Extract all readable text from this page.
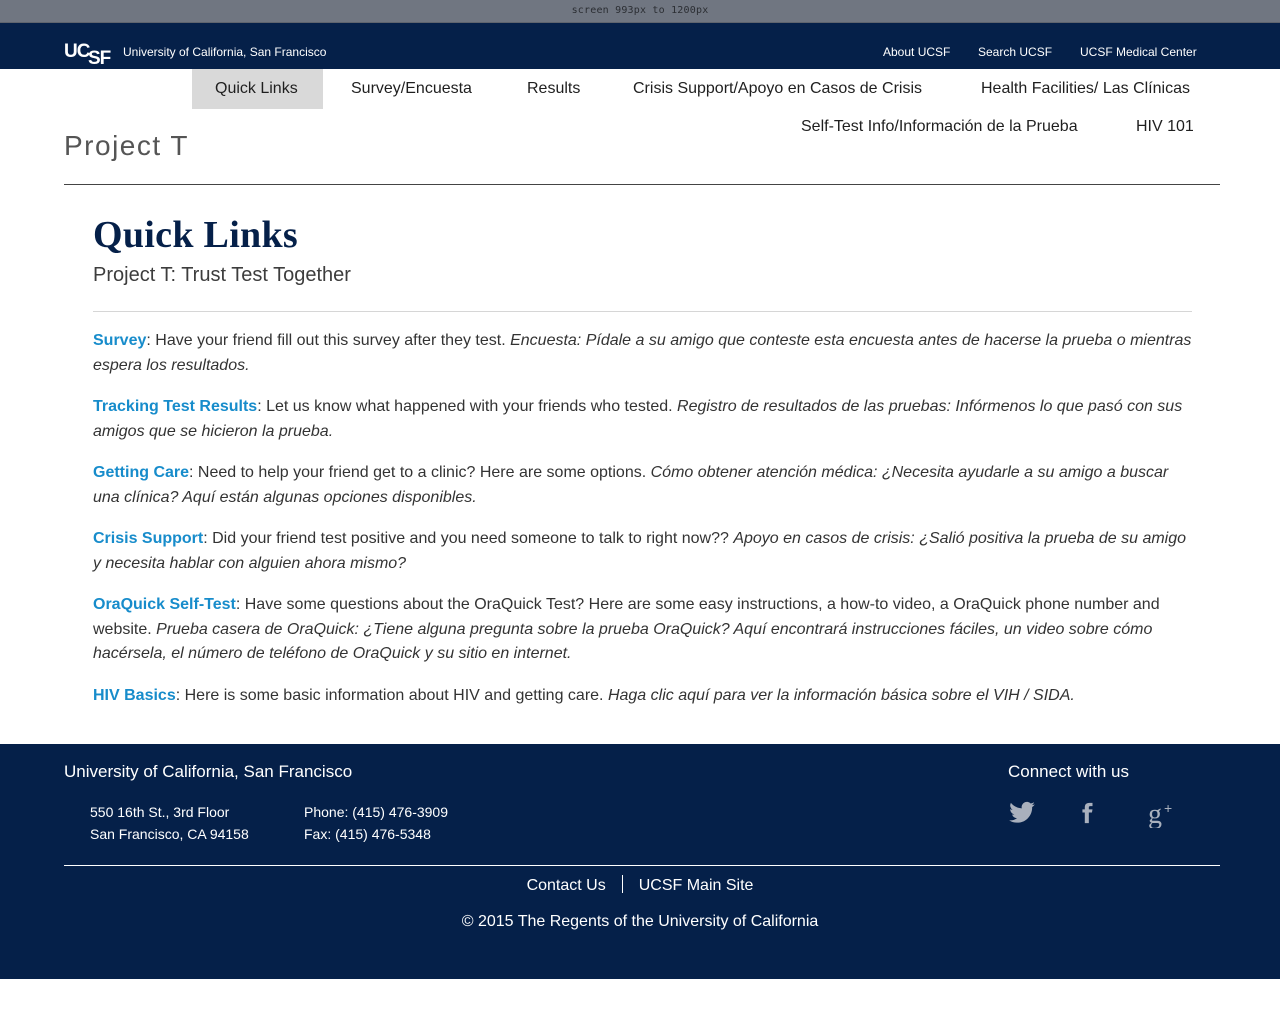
screen 993px to 1200px
UC
SF University of California, San Francisco	About UCSF Search UCSF UCSF Medical Center
Quick Links	Survey/Encuesta	Results	Crisis Support/Apoyo en Casos de Crisis	Health Facilities/ Las Clínicas
Self-Test Info/Información de la Prueba	HIV 101
Project T
Quick Links
Project T: Trust Test Together

Survey: Have your friend fill out this survey after they test. Encuesta: Pídale a su amigo que conteste esta encuesta antes de hacerse la prueba o mientras espera los resultados.

Tracking Test Results: Let us know what happened with your friends who tested. Registro de resultados de las pruebas: Infórmenos lo que pasó con sus amigos que se hicieron la prueba.

Getting Care: Need to help your friend get to a clinic? Here are some options. Cómo obtener atención médica: ¿Necesita ayudarle a su amigo a buscar una clínica? Aquí están algunas opciones disponibles.

Crisis Support: Did your friend test positive and you need someone to talk to right now?? Apoyo en casos de crisis: ¿Salió positiva la prueba de su amigo y necesita hablar con alguien ahora mismo?

OraQuick Self-Test: Have some questions about the OraQuick Test? Here are some easy instructions, a how-to video, a OraQuick phone number and website. Prueba casera de OraQuick: ¿Tiene alguna pregunta sobre la prueba OraQuick? Aquí encontrará instrucciones fáciles, un video sobre cómo hacérsela, el número de teléfono de OraQuick y su sitio en internet.

HIV Basics: Here is some basic information about HIV and getting care. Haga clic aquí para ver la información básica sobre el VIH / SIDA.

University of California, San Francisco
550 16th St., 3rd Floor
San Francisco, CA 94158
Phone: (415) 476-3909
Fax: (415) 476-5348
Connect with us
g +
Contact Us UCSF Main Site
© 2015 The Regents of the University of California
